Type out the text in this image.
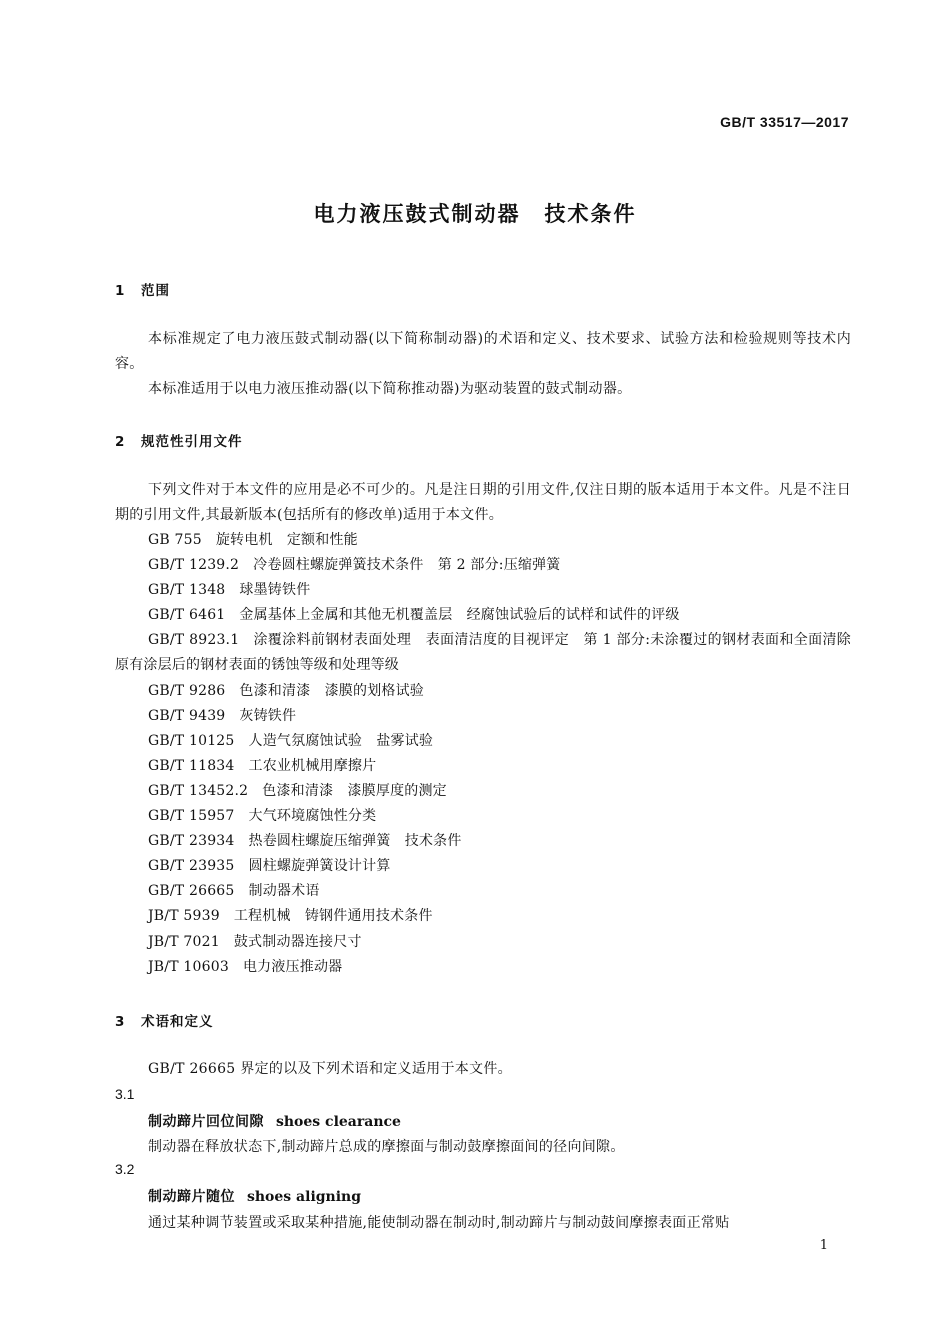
GB/T 33517—2017
电力液压鼓式制动器 技术条件
1 范围
本标准规定了电力液压鼓式制动器(以下简称制动器)的术语和定义、技术要求、试验方法和检验规则等技术内容。
本标准适用于以电力液压推动器(以下简称推动器)为驱动装置的鼓式制动器。
2 规范性引用文件
下列文件对于本文件的应用是必不可少的。凡是注日期的引用文件,仅注日期的版本适用于本文件。凡是不注日期的引用文件,其最新版本(包括所有的修改单)适用于本文件。
GB 755 旋转电机　定额和性能
GB/T 1239.2 冷卷圆柱螺旋弹簧技术条件　第 2 部分:压缩弹簧
GB/T 1348 球墨铸铁件
GB/T 6461 金属基体上金属和其他无机覆盖层　经腐蚀试验后的试样和试件的评级
GB/T 8923.1 涂覆涂料前钢材表面处理　表面清洁度的目视评定　第 1 部分:未涂覆过的钢材表面和全面清除原有涂层后的钢材表面的锈蚀等级和处理等级
GB/T 9286 色漆和清漆　漆膜的划格试验
GB/T 9439 灰铸铁件
GB/T 10125 人造气氛腐蚀试验　盐雾试验
GB/T 11834 工农业机械用摩擦片
GB/T 13452.2 色漆和清漆　漆膜厚度的测定
GB/T 15957 大气环境腐蚀性分类
GB/T 23934 热卷圆柱螺旋压缩弹簧　技术条件
GB/T 23935 圆柱螺旋弹簧设计计算
GB/T 26665 制动器术语
JB/T 5939 工程机械　铸钢件通用技术条件
JB/T 7021 鼓式制动器连接尺寸
JB/T 10603 电力液压推动器
3 术语和定义
GB/T 26665 界定的以及下列术语和定义适用于本文件。
3.1
制动蹄片回位间隙 shoes clearance
制动器在释放状态下,制动蹄片总成的摩擦面与制动鼓摩擦面间的径向间隙。
3.2
制动蹄片随位 shoes aligning
通过某种调节装置或采取某种措施,能使制动器在制动时,制动蹄片与制动鼓间摩擦表面正常贴
1
